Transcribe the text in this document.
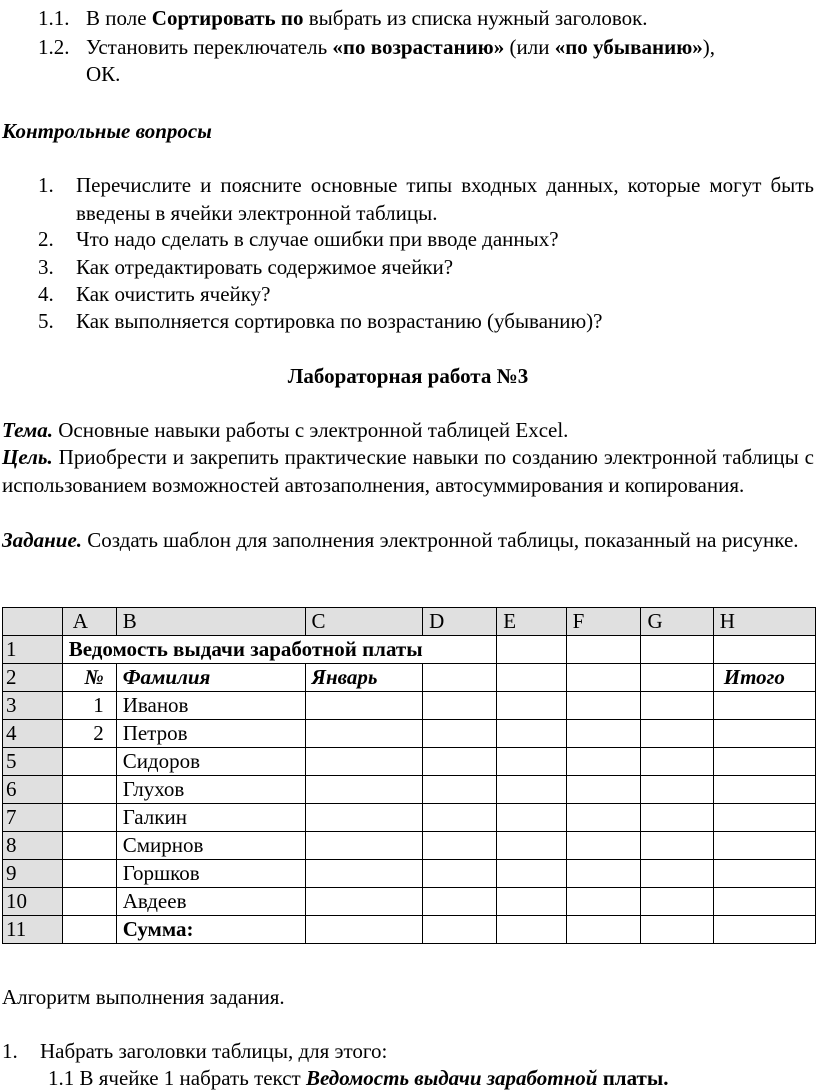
1.1. В поле Сортировать по выбрать из списка нужный заголовок.
1.2. Установить переключатель «по возрастанию» (или «по убыванию»),
ОК.
Контрольные вопросы
1. Перечислите и поясните основные типы входных данных, которые могут быть введены в ячейки электронной таблицы.
2. Что надо сделать в случае ошибки при вводе данных?
3. Как отредактировать содержимое ячейки?
4. Как очистить ячейку?
5. Как выполняется сортировка по возрастанию (убыванию)?
Лабораторная работа №3
Тема. Основные навыки работы с электронной таблицей Excel.
Цель. Приобрести и закрепить практические навыки по созданию электронной таблицы с использованием возможностей автозаполнения, автосуммирования и копирования.
Задание. Создать шаблон для заполнения электронной таблицы, показанный на рисунке.
	A	B	C	D	E	F	G	H
1	Ведомость выдачи заработной платы							
2	№	Фамилия	Январь					Итого
3	1	Иванов						
4	2	Петров						
5		Сидоров						
6		Глухов						
7		Галкин						
8		Смирнов						
9		Горшков						
10		Авдеев						
11		Сумма:						
Алгоритм выполнения задания.
1. Набрать заголовки таблицы, для этого:
1.1 В ячейке 1 набрать текст Ведомость выдачи заработной платы.
